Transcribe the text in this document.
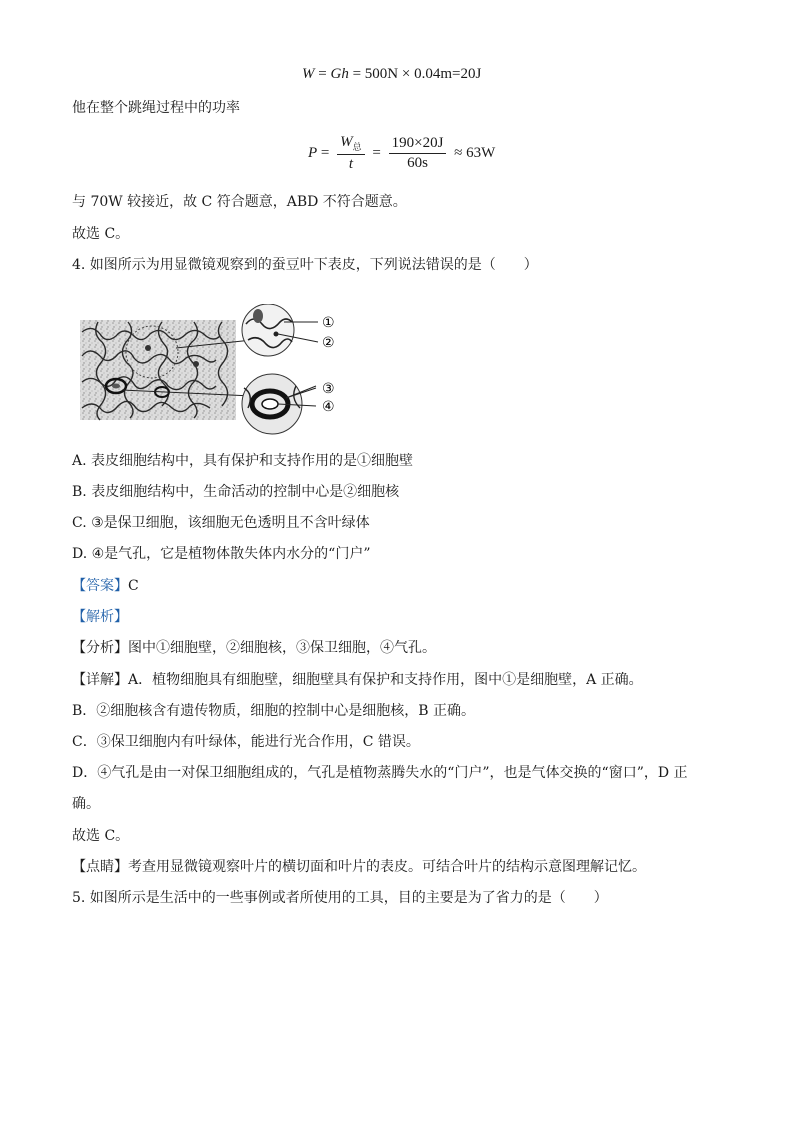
W = Gh = 500N × 0.04m=20J
他在整个跳绳过程中的功率
$P = \frac{W_总}{t} = \frac{190\times 20J}{60s} \approx 63W$
与 70W 较接近，故 C 符合题意，ABD 不符合题意。
故选 C。
4. 如图所示为用显微镜观察到的蚕豆叶下表皮，下列说法错误的是（　　）
①
②
③
④
A. 表皮细胞结构中，具有保护和支持作用的是①细胞壁
B. 表皮细胞结构中，生命活动的控制中心是②细胞核
C. ③是保卫细胞，该细胞无色透明且不含叶绿体
D. ④是气孔，它是植物体散失体内水分的“门户”
【答案】C
【解析】
【分析】图中①细胞壁，②细胞核，③保卫细胞，④气孔。
【详解】A．植物细胞具有细胞壁，细胞壁具有保护和支持作用，图中①是细胞壁，A 正确。
B．②细胞核含有遗传物质，细胞的控制中心是细胞核，B 正确。
C．③保卫细胞内有叶绿体，能进行光合作用，C 错误。
D．④气孔是由一对保卫细胞组成的，气孔是植物蒸腾失水的“门户”，也是气体交换的“窗口”，D 正
确。
故选 C。
【点睛】考查用显微镜观察叶片的横切面和叶片的表皮。可结合叶片的结构示意图理解记忆。
5. 如图所示是生活中的一些事例或者所使用的工具，目的主要是为了省力的是（　　）
